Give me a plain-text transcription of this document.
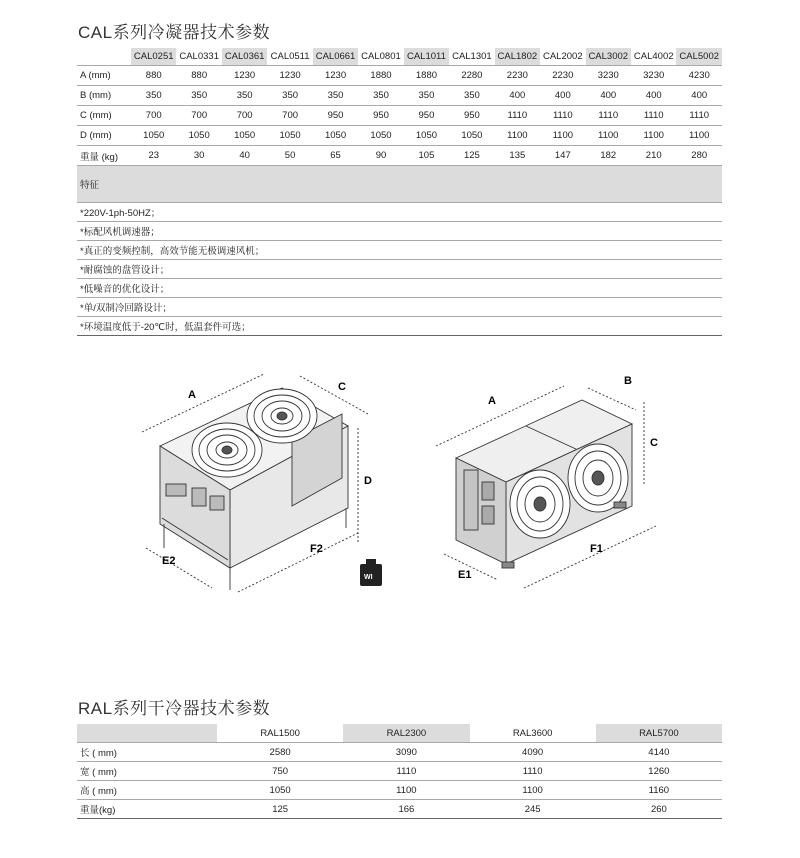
CAL系列冷凝器技术参数
	CAL0251	CAL0331	CAL0361	CAL0511	CAL0661	CAL0801	CAL1011	CAL1301	CAL1802	CAL2002	CAL3002	CAL4002	CAL5002
A (mm)	880	880	1230	1230	1230	1880	1880	2280	2230	2230	3230	3230	4230
B (mm)	350	350	350	350	350	350	350	350	400	400	400	400	400
C (mm)	700	700	700	700	950	950	950	950	1110	1110	1110	1110	1110
D (mm)	1050	1050	1050	1050	1050	1050	1050	1050	1100	1100	1100	1100	1100
重量 (kg)	23	30	40	50	65	90	105	125	135	147	182	210	280
特征													
*220V-1ph-50HZ；													
*标配风机调速器；													
*真正的变频控制，高效节能无极调速风机；													
*耐腐蚀的盘管设计；													
*低噪音的优化设计；													
*单/双制冷回路设计；													
*环境温度低于-20℃时，低温套件可选；													
A
C
D
E2
F2
WI
A
B
C
E1
F1
RAL系列干冷器技术参数
	RAL1500	RAL2300	RAL3600	RAL5700
长 ( mm)	2580	3090	4090	4140
宽 ( mm)	750	1110	1110	1260
高 ( mm)	1050	1100	1100	1160
重量(kg)	125	166	245	260
